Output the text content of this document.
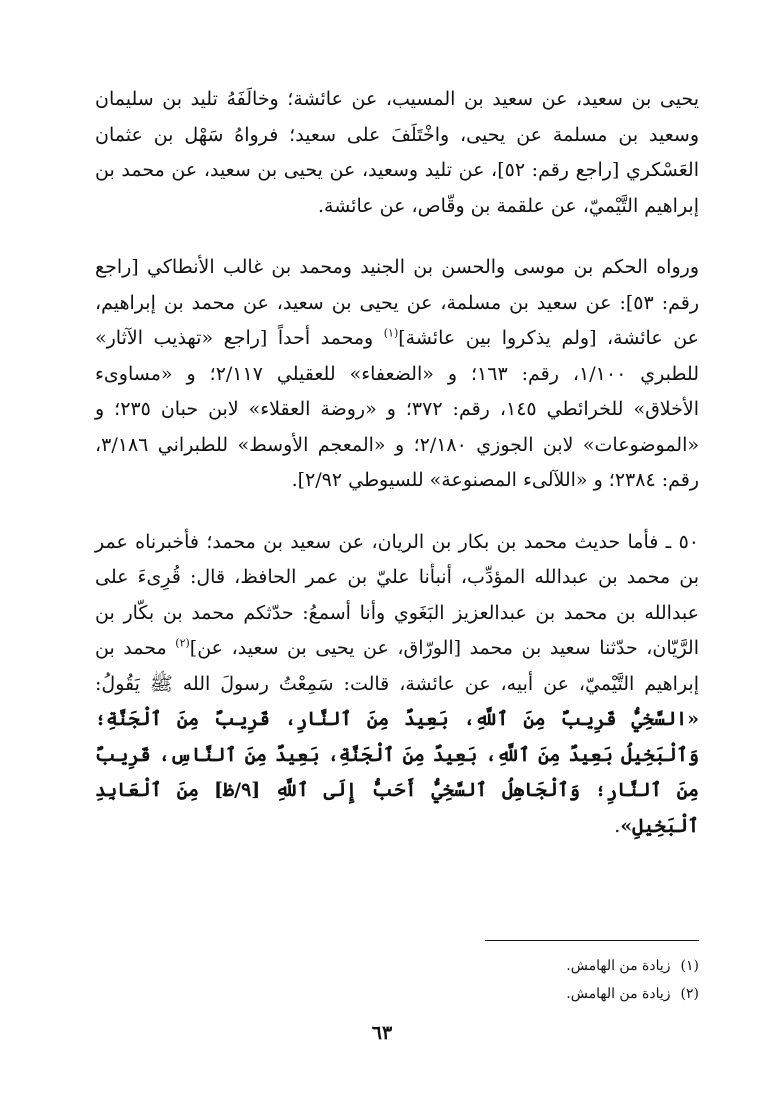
يحيى بن سعيد، عن سعيد بن المسيب، عن عائشة؛ وخالَفَهُ تليد بن سليمان وسعيد بن مسلمة عن يحيى، واخْتَلَفَ على سعيد؛ فرواهُ سَهْل بن عثمان العَسْكري [راجع رقم: ٥٢]، عن تليد وسعيد، عن يحيى بن سعيد، عن محمد بن إبراهيم التَّيْميّ، عن علقمة بن وقّاص، عن عائشة.

ورواه الحكم بن موسى والحسن بن الجنيد ومحمد بن غالب الأنطاكي [راجع رقم: ٥٣]: عن سعيد بن مسلمة، عن يحيى بن سعيد، عن محمد بن إبراهيم، عن عائشة، [ولم يذكروا بين عائشة]$^{(١)}$ ومحمد أحداً [راجع «تهذيب الآثار» للطبري ١/١٠٠، رقم: ١٦٣؛ و «الضعفاء» للعقيلي ٢/١١٧؛ و «مساوىء الأخلاق» للخرائطي ١٤٥، رقم: ٣٧٢؛ و «روضة العقلاء» لابن حبان ٢٣٥؛ و «الموضوعات» لابن الجوزي ٢/١٨٠؛ و «المعجم الأوسط» للطبراني ٣/١٨٦، رقم: ٢٣٨٤؛ و «اللآلىء المصنوعة» للسيوطي ٢/٩٢].

٥٠ ـ فأما حديث محمد بن بكار بن الريان، عن سعيد بن محمد؛ فأخبرناه عمر بن محمد بن عبدالله المؤدِّب، أنبأنا عليّ بن عمر الحافظ، قال: قُرِىءَ على عبدالله بن محمد بن عبدالعزيز البَغَوي وأنا أسمعُ: حدّثكم محمد بن بكّار بن الرَّيّان، حدّثنا سعيد بن محمد [الورّاق، عن يحيى بن سعيد، عن]$^{(٢)}$ محمد بن إبراهيم التَّيْميّ، عن أبيه، عن عائشة، قالت: سَمِعْتُ رسولَ الله ﷺ يَقُولُ: «السَّخِيُّ قَرِيبٌ مِنَ ٱللَّهِ، بَعِيدٌ مِنَ ٱلنَّارِ، قَرِيبٌ مِنَ ٱلْجَنَّةِ؛ وَٱلْبَخِيلُ بَعِيدٌ مِنَ ٱللَّهِ، بَعِيدٌ مِنَ ٱلْجَنَّةِ، بَعِيدٌ مِنَ ٱلنَّاسِ، قَرِيبٌ مِنَ ٱلنَّارِ؛ وَٱلْجَاهِلُ ٱلسَّخِيُّ أَحَبُّ إِلَى ٱللَّهِ [٩/ظ] مِنَ ٱلْعَابِدِ ٱلْبَخِيلِ».

(١)زيادة من الهامش.
(٢)زيادة من الهامش.
٦٣
